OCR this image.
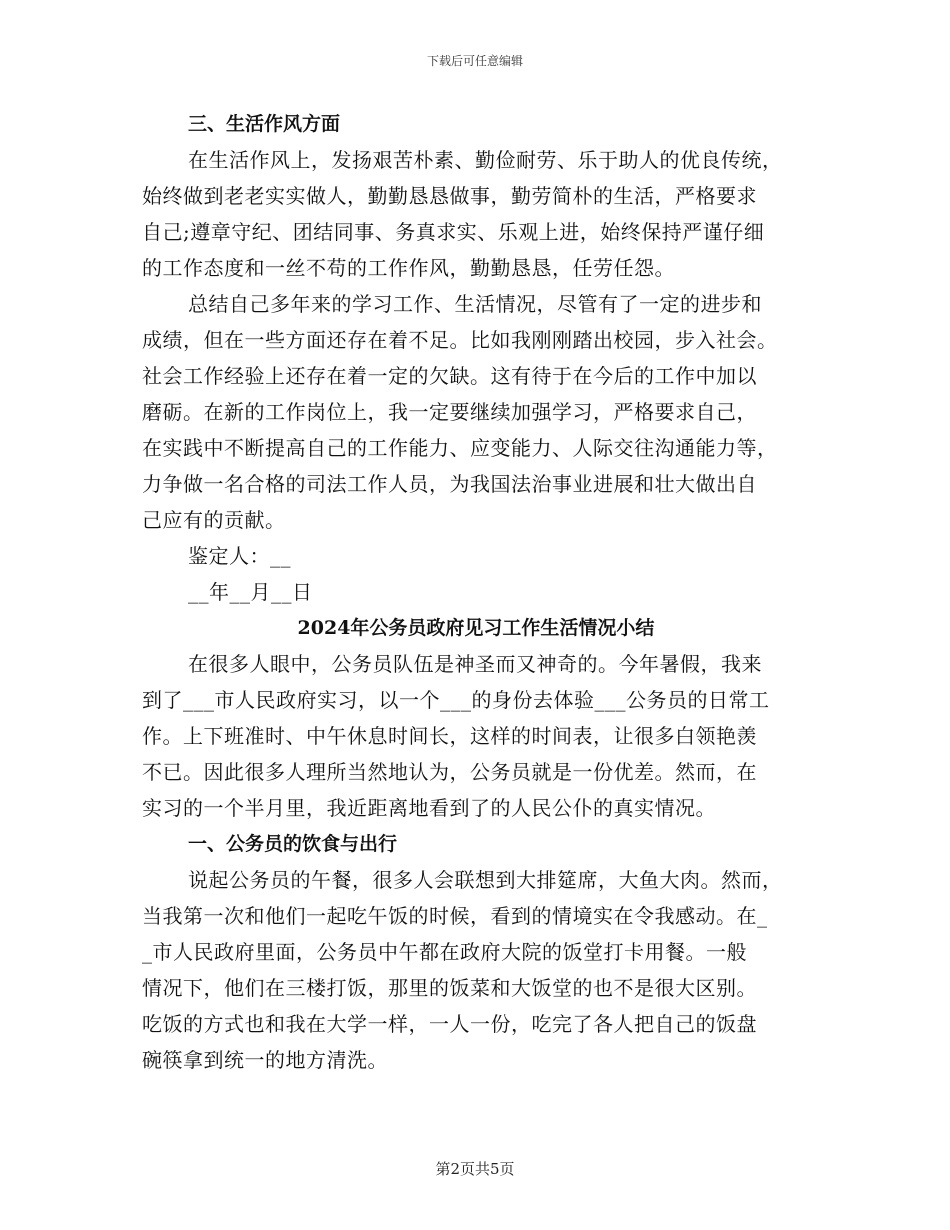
下载后可任意编辑

三、生活作风方面

在生活作风上，发扬艰苦朴素、勤俭耐劳、乐于助人的优良传统，

始终做到老老实实做人，勤勤恳恳做事，勤劳简朴的生活，严格要求

自己;遵章守纪、团结同事、务真求实、乐观上进，始终保持严谨仔细

的工作态度和一丝不苟的工作作风，勤勤恳恳，任劳任怨。

总结自己多年来的学习工作、生活情况，尽管有了一定的进步和

成绩，但在一些方面还存在着不足。比如我刚刚踏出校园，步入社会。

社会工作经验上还存在着一定的欠缺。这有待于在今后的工作中加以

磨砺。在新的工作岗位上，我一定要继续加强学习，严格要求自己，

在实践中不断提高自己的工作能力、应变能力、人际交往沟通能力等，

力争做一名合格的司法工作人员，为我国法治事业进展和壮大做出自

己应有的贡献。

鉴定人：__

__年__月__日

2024年公务员政府见习工作生活情况小结

在很多人眼中，公务员队伍是神圣而又神奇的。今年暑假，我来

到了___市人民政府实习，以一个___的身份去体验___公务员的日常工

作。上下班准时、中午休息时间长，这样的时间表，让很多白领艳羡

不已。因此很多人理所当然地认为，公务员就是一份优差。然而，在

实习的一个半月里，我近距离地看到了的人民公仆的真实情况。

一、公务员的饮食与出行

说起公务员的午餐，很多人会联想到大排筵席，大鱼大肉。然而，

当我第一次和他们一起吃午饭的时候，看到的情境实在令我感动。在_

_市人民政府里面，公务员中午都在政府大院的饭堂打卡用餐。一般

情况下，他们在三楼打饭，那里的饭菜和大饭堂的也不是很大区别。

吃饭的方式也和我在大学一样，一人一份，吃完了各人把自己的饭盘

碗筷拿到统一的地方清洗。

第2页共5页
